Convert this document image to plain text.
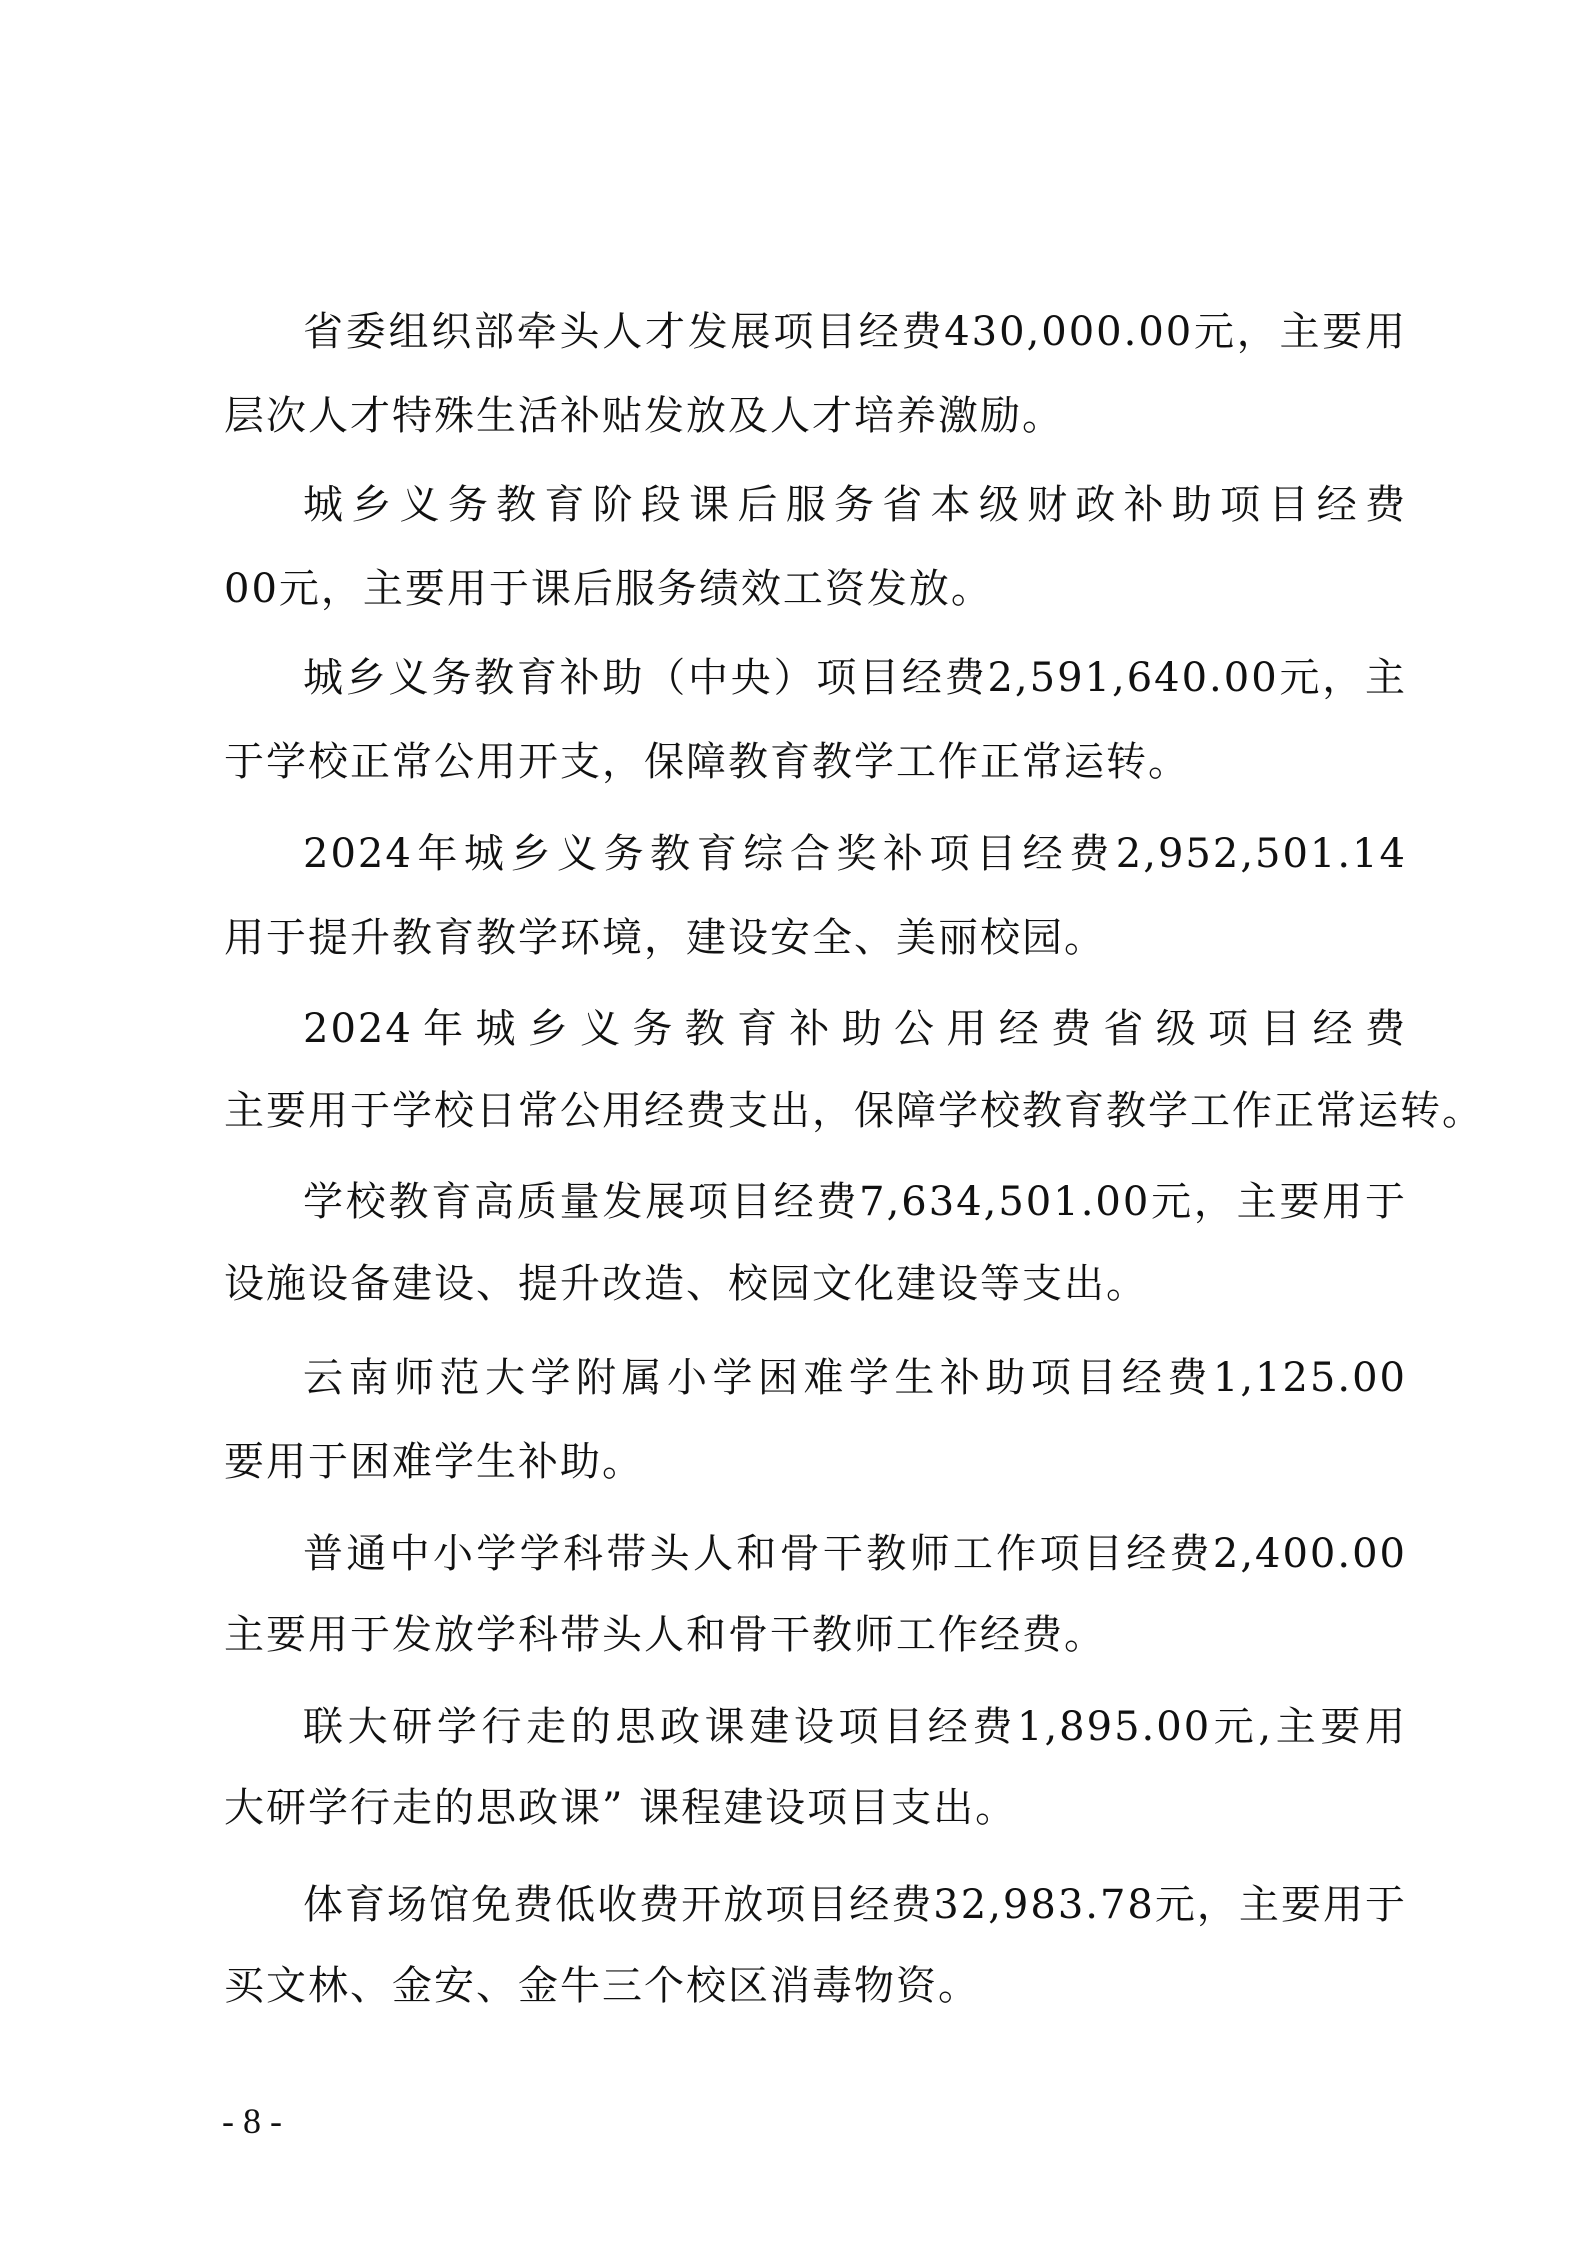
省委组织部牵头人才发展项目经费430,000.00元，主要用
层次人才特殊生活补贴发放及人才培养激励。
城乡义务教育阶段课后服务省本级财政补助项目经费
00元，主要用于课后服务绩效工资发放。
城乡义务教育补助（中央）项目经费2,591,640.00元，主
于学校正常公用开支，保障教育教学工作正常运转。
2024年城乡义务教育综合奖补项目经费2,952,501.14
用于提升教育教学环境，建设安全、美丽校园。
2024年城乡义务教育补助公用经费省级项目经费
主要用于学校日常公用经费支出，保障学校教育教学工作正常运转。
学校教育高质量发展项目经费7,634,501.00元，主要用于
设施设备建设、提升改造、校园文化建设等支出。
云南师范大学附属小学困难学生补助项目经费1,125.00
要用于困难学生补助。
普通中小学学科带头人和骨干教师工作项目经费2,400.00
主要用于发放学科带头人和骨干教师工作经费。
联大研学行走的思政课建设项目经费1,895.00元,主要用
大研学行走的思政课” 课程建设项目支出。
体育场馆免费低收费开放项目经费32,983.78元，主要用于
买文林、金安、金牛三个校区消毒物资。
- 8 -
